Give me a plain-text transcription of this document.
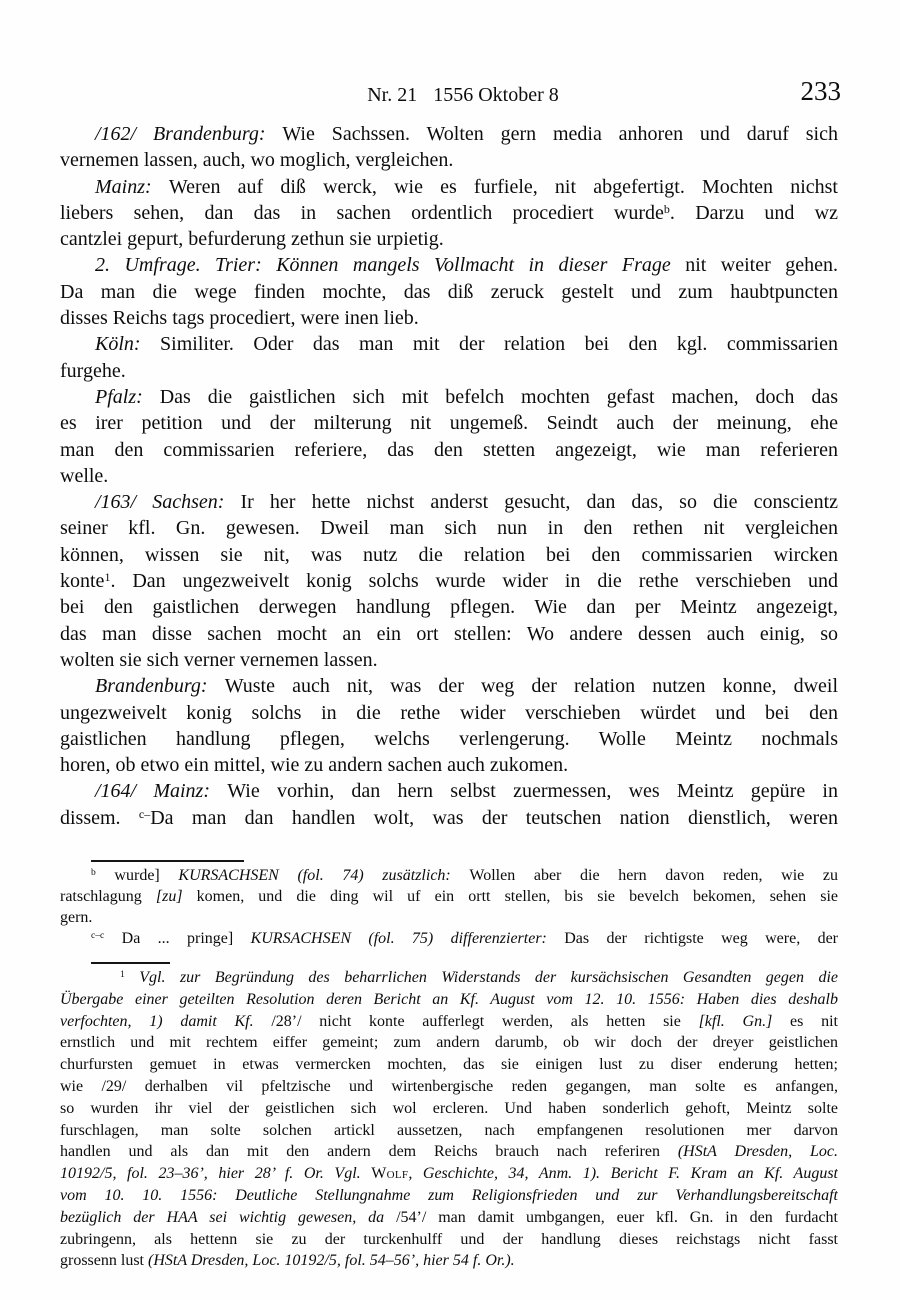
Nr. 21 1556 Oktober 8	233
/162/ Brandenburg: Wie Sachssen. Wolten gern media anhoren und daruf sich
vernemen lassen, auch, wo moglich, vergleichen.
Mainz: Weren auf diß werck, wie es furfiele, nit abgefertigt. Mochten nichst
liebers sehen, dan das in sachen ordentlich procediert wurde$^b$. Darzu und wz
cantzlei gepurt, befurderung zethun sie urpietig.
2. Umfrage. Trier: Können mangels Vollmacht in dieser Frage nit weiter gehen.
Da man die wege finden mochte, das diß zeruck gestelt und zum haubtpuncten
disses Reichs tags procediert, were inen lieb.
Köln: Similiter. Oder das man mit der relation bei den kgl. commissarien
furgehe.
Pfalz: Das die gaistlichen sich mit befelch mochten gefast machen, doch das
es irer petition und der milterung nit ungemeß. Seindt auch der meinung, ehe
man den commissarien referiere, das den stetten angezeigt, wie man referieren
welle.
/163/ Sachsen: Ir her hette nichst anderst gesucht, dan das, so die conscientz
seiner kfl. Gn. gewesen. Dweil man sich nun in den rethen nit vergleichen
können, wissen sie nit, was nutz die relation bei den commissarien wircken
konte$^1$. Dan ungezweivelt konig solchs wurde wider in die rethe verschieben und
bei den gaistlichen derwegen handlung pflegen. Wie dan per Meintz angezeigt,
das man disse sachen mocht an ein ort stellen: Wo andere dessen auch einig, so
wolten sie sich verner vernemen lassen.
Brandenburg: Wuste auch nit, was der weg der relation nutzen konne, dweil
ungezweivelt konig solchs in die rethe wider verschieben würdet und bei den
gaistlichen handlung pflegen, welchs verlengerung. Wolle Meintz nochmals
horen, ob etwo ein mittel, wie zu andern sachen auch zukomen.
/164/ Mainz: Wie vorhin, dan hern selbst zuermessen, wes Meintz gepüre in
dissem. $^{c-}$Da man dan handlen wolt, was der teutschen nation dienstlich, weren
$^b$ wurde] KURSACHSEN (fol. 74) zusätzlich: Wollen aber die hern davon reden, wie zu
ratschlagung [zu] komen, und die ding wil uf ein ortt stellen, bis sie bevelch bekomen, sehen sie
gern.
$^{c-c}$ Da ... pringe] KURSACHSEN (fol. 75) differenzierter: Das der richtigste weg were, der
$^1$ Vgl. zur Begründung des beharrlichen Widerstands der kursächsischen Gesandten gegen die
Übergabe einer geteilten Resolution deren Bericht an Kf. August vom 12. 10. 1556: Haben dies deshalb
verfochten, 1) damit Kf. /28’/ nicht konte aufferlegt werden, als hetten sie [kfl. Gn.] es nit
ernstlich und mit rechtem eiffer gemeint; zum andern darumb, ob wir doch der dreyer geistlichen
churfursten gemuet in etwas vermercken mochten, das sie einigen lust zu diser enderung hetten;
wie /29/ derhalben vil pfeltzische und wirtenbergische reden gegangen, man solte es anfangen,
so wurden ihr viel der geistlichen sich wol ercleren. Und haben sonderlich gehoft, Meintz solte
furschlagen, man solte solchen artickl aussetzen, nach empfangenen resolutionen mer darvon
handlen und als dan mit den andern dem Reichs brauch nach referiren (HStA Dresden, Loc.
10192/5, fol. 23–36’, hier 28’ f. Or. Vgl. Wolf, Geschichte, 34, Anm. 1). Bericht F. Kram an Kf. August
vom 10. 10. 1556: Deutliche Stellungnahme zum Religionsfrieden und zur Verhandlungsbereitschaft
bezüglich der HAA sei wichtig gewesen, da /54’/ man damit umbgangen, euer kfl. Gn. in den furdacht
zubringenn, als hettenn sie zu der turckenhulff und der handlung dieses reichstags nicht fasst
grossenn lust (HStA Dresden, Loc. 10192/5, fol. 54–56’, hier 54 f. Or.).
